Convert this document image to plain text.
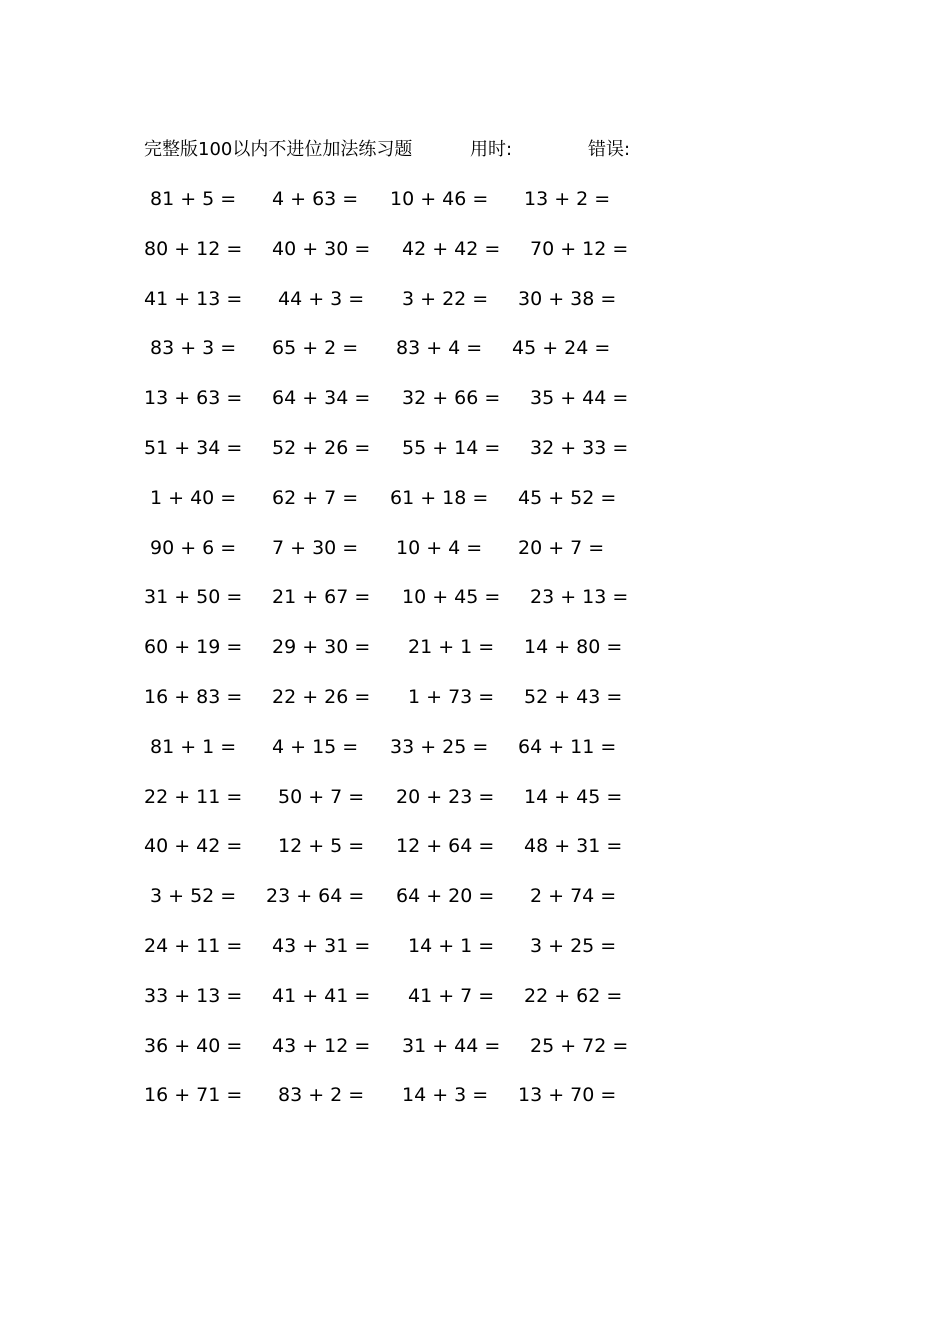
完整版100以内不进位加法练习题	用时:	错误:
81 + 5 = 4 + 63 = 10 + 46 = 13 + 2 =
80 + 12 = 40 + 30 = 42 + 42 = 70 + 12 =
41 + 13 = 44 + 3 = 3 + 22 = 30 + 38 =
83 + 3 = 65 + 2 = 83 + 4 = 45 + 24 =
13 + 63 = 64 + 34 = 32 + 66 = 35 + 44 =
51 + 34 = 52 + 26 = 55 + 14 = 32 + 33 =
1 + 40 = 62 + 7 = 61 + 18 = 45 + 52 =
90 + 6 = 7 + 30 = 10 + 4 = 20 + 7 =
31 + 50 = 21 + 67 = 10 + 45 = 23 + 13 =
60 + 19 = 29 + 30 = 21 + 1 = 14 + 80 =
16 + 83 = 22 + 26 = 1 + 73 = 52 + 43 =
81 + 1 = 4 + 15 = 33 + 25 = 64 + 11 =
22 + 11 = 50 + 7 = 20 + 23 = 14 + 45 =
40 + 42 = 12 + 5 = 12 + 64 = 48 + 31 =
3 + 52 = 23 + 64 = 64 + 20 = 2 + 74 =
24 + 11 = 43 + 31 = 14 + 1 = 3 + 25 =
33 + 13 = 41 + 41 = 41 + 7 = 22 + 62 =
36 + 40 = 43 + 12 = 31 + 44 = 25 + 72 =
16 + 71 = 83 + 2 = 14 + 3 = 13 + 70 =
